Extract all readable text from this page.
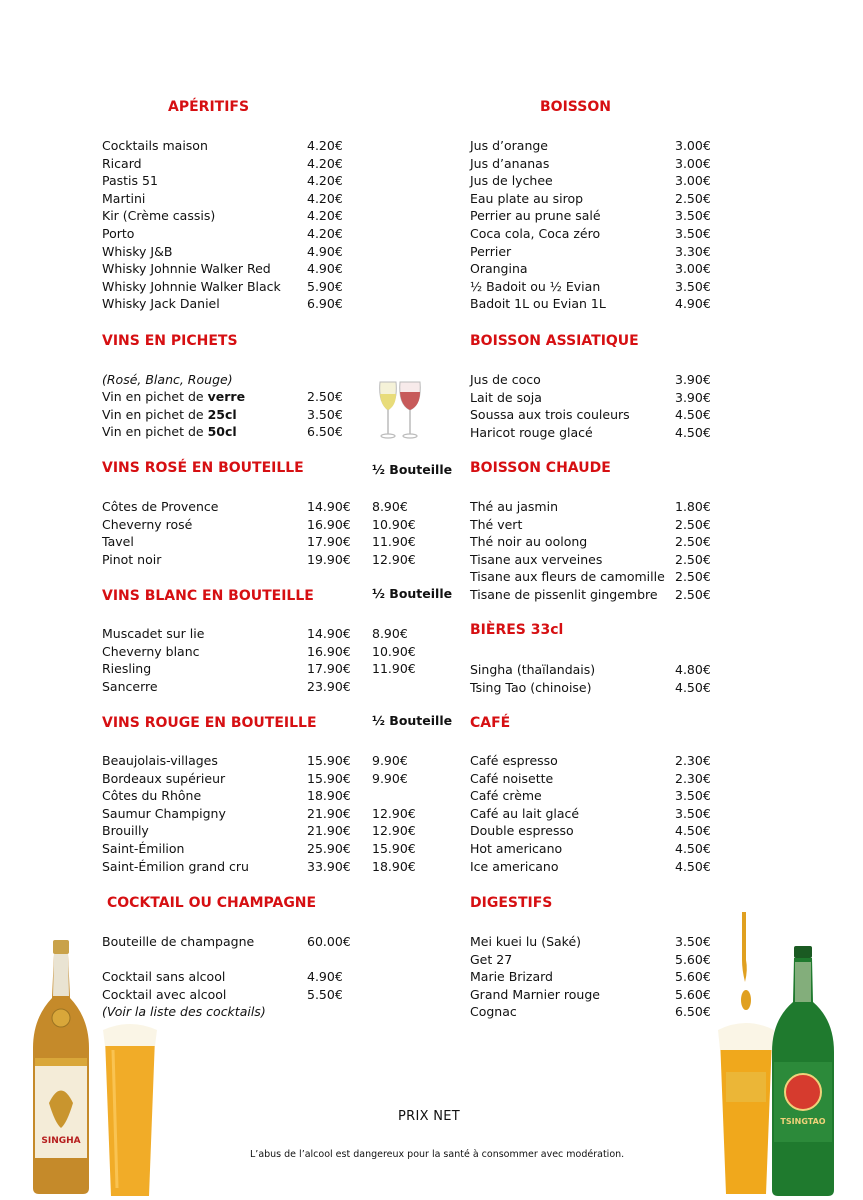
APÉRITIFS
Cocktails maison	4.20€
Ricard	4.20€
Pastis 51	4.20€
Martini	4.20€
Kir (Crème cassis)	4.20€
Porto	4.20€
Whisky J&B	4.90€
Whisky Johnnie Walker Red	4.90€
Whisky Johnnie Walker Black 5.90€
Whisky Jack Daniel	6.90€
VINS EN PICHETS
(Rosé, Blanc, Rouge)
Vin en pichet de verre	2.50€
Vin en pichet de 25cl	3.50€
Vin en pichet de 50cl	6.50€
VINS ROSÉ EN BOUTEILLE	½ Bouteille
Côtes de Provence	14.90€ 8.90€
Cheverny rosé	16.90€ 10.90€
Tavel	17.90€ 11.90€
Pinot noir	19.90€ 12.90€
VINS BLANC EN BOUTEILLE	½ Bouteille
Muscadet sur lie	14.90€ 8.90€
Cheverny blanc	16.90€ 10.90€
Riesling	17.90€ 11.90€
Sancerre	23.90€
VINS ROUGE EN BOUTEILLE	½ Bouteille
Beaujolais-villages	15.90€ 9.90€
Bordeaux supérieur	15.90€ 9.90€
Côtes du Rhône	18.90€
Saumur Champigny	21.90€ 12.90€
Brouilly	21.90€ 12.90€
Saint-Émilion	25.90€ 15.90€
Saint-Émilion grand cru	33.90€ 18.90€
COCKTAIL OU CHAMPAGNE
Bouteille de champagne	60.00€
Cocktail sans alcool	4.90€
Cocktail avec alcool	5.50€
(Voir la liste des cocktails)
BOISSON
Jus d’orange	3.00€
Jus d’ananas	3.00€
Jus de lychee	3.00€
Eau plate au sirop	2.50€
Perrier au prune salé	3.50€
Coca cola, Coca zéro	3.50€
Perrier	3.30€
Orangina	3.00€
½ Badoit ou ½ Evian	3.50€
Badoit 1L ou Evian 1L	4.90€
BOISSON ASSIATIQUE
Jus de coco	3.90€
Lait de soja	3.90€
Soussa aux trois couleurs	4.50€
Haricot rouge glacé	4.50€
BOISSON CHAUDE
Thé au jasmin	1.80€
Thé vert	2.50€
Thé noir au oolong	2.50€
Tisane aux verveines	2.50€
Tisane aux fleurs de camomille 2.50€
Tisane de pissenlit gingembre 2.50€
BIÈRES 33cl
Singha (thaïlandais)	4.80€
Tsing Tao (chinoise)	4.50€
CAFÉ
Café espresso	2.30€
Café noisette	2.30€
Café crème	3.50€
Café au lait glacé	3.50€
Double espresso	4.50€
Hot americano	4.50€
Ice americano	4.50€
DIGESTIFS
Mei kuei lu (Saké)	3.50€
Get 27	5.60€
Marie Brizard	5.60€
Grand Marnier rouge	5.60€
Cognac	6.50€
PRIX NET
L’abus de l’alcool est dangereux pour la santé à consommer avec modération.
SINGHA
TSINGTAO
